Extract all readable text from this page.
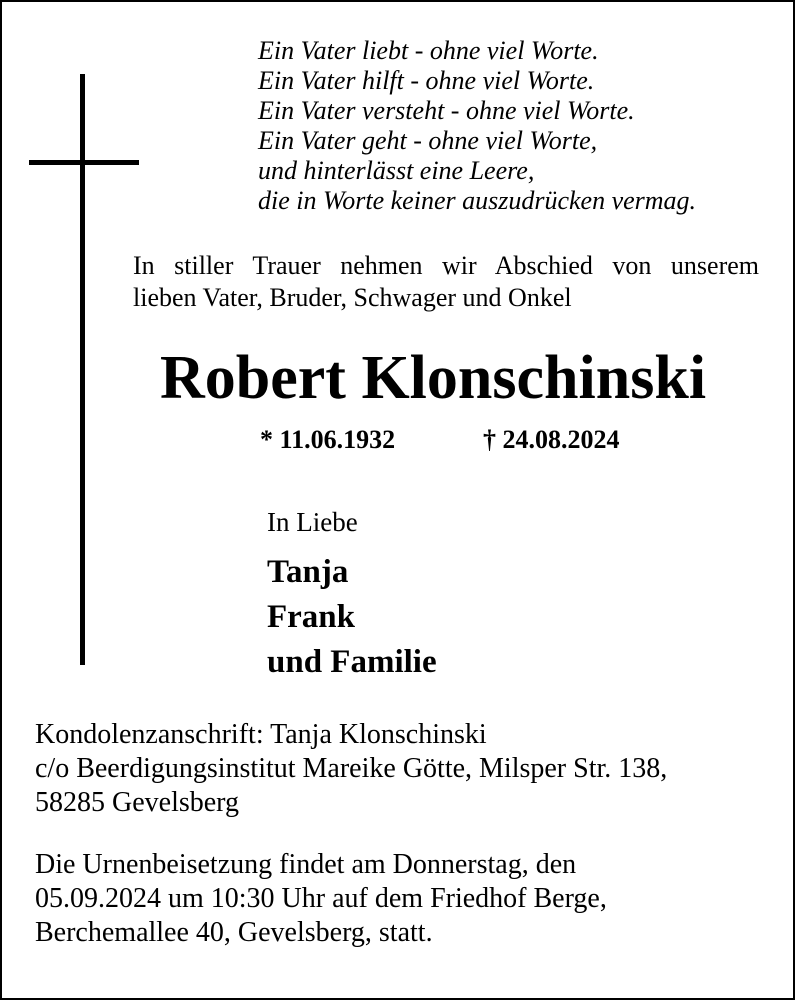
Ein Vater liebt - ohne viel Worte.
Ein Vater hilft - ohne viel Worte.
Ein Vater versteht - ohne viel Worte.
Ein Vater geht - ohne viel Worte,
und hinterlässt eine Leere,
die in Worte keiner auszudrücken vermag.
In stiller Trauer nehmen wir Abschied von unserem
lieben Vater, Bruder, Schwager und Onkel
Robert Klonschinski
* 11.06.1932	† 24.08.2024
In Liebe
Tanja
Frank
und Familie
Kondolenzanschrift: Tanja Klonschinski
c/o Beerdigungsinstitut Mareike Götte, Milsper Str. 138,
58285 Gevelsberg
Die Urnenbeisetzung findet am Donnerstag, den
05.09.2024 um 10:30 Uhr auf dem Friedhof Berge,
Berchemallee 40, Gevelsberg, statt.
